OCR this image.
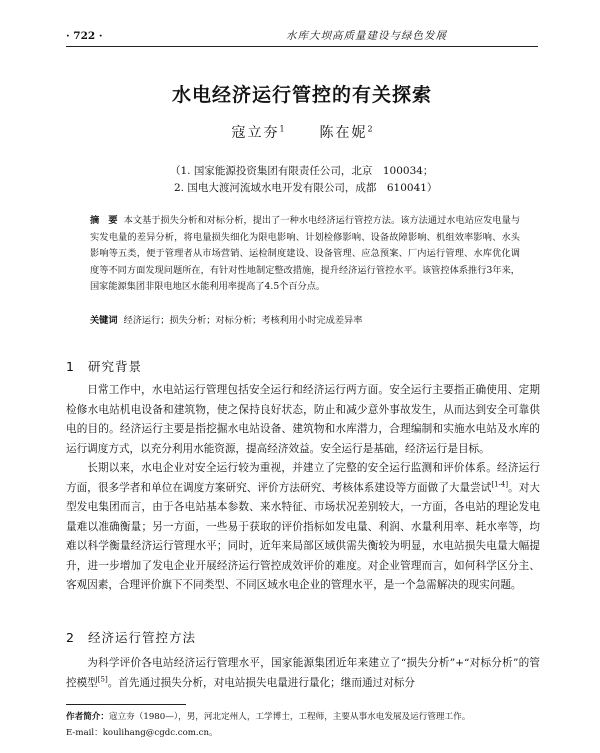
· 722 ·	水库大坝高质量建设与绿色发展
水电经济运行管控的有关探索
寇立夯$^1$ 陈在妮$^2$
（1. 国家能源投资集团有限责任公司，北京　100034；
2. 国电大渡河流域水电开发有限公司，成都　610041）
摘　要 本文基于损失分析和对标分析，提出了一种水电经济运行管控方法。该方法通过水电站应发电量与实发电量的差异分析，将电量损失细化为限电影响、计划检修影响、设备故障影响、机组效率影响、水头影响等五类，便于管理者从市场营销、运检制度建设、设备管理、应急预案、厂内运行管理、水库优化调度等不同方面发现问题所在，有针对性地制定整改措施，提升经济运行管控水平。该管控体系推行3年来，国家能源集团非限电地区水能利用率提高了4.5个百分点。
关键词 经济运行；损失分析；对标分析；考核利用小时完成差异率
1 研究背景

日常工作中，水电站运行管理包括安全运行和经济运行两方面。安全运行主要指正确使用、定期检修水电站机电设备和建筑物，使之保持良好状态，防止和减少意外事故发生，从而达到安全可靠供电的目的。经济运行主要是指挖掘水电站设备、建筑物和水库潜力，合理编制和实施水电站及水库的运行调度方式，以充分利用水能资源，提高经济效益。安全运行是基础，经济运行是目标。

长期以来，水电企业对安全运行较为重视，并建立了完整的安全运行监测和评价体系。经济运行方面，很多学者和单位在调度方案研究、评价方法研究、考核体系建设等方面做了大量尝试[1-4]。对大型发电集团而言，由于各电站基本参数、来水特征、市场状况差别较大，一方面，各电站的理论发电量难以准确衡量；另一方面，一些易于获取的评价指标如发电量、利润、水量利用率、耗水率等，均难以科学衡量经济运行管理水平；同时，近年来局部区域供需失衡较为明显，水电站损失电量大幅提升，进一步增加了发电企业开展经济运行管控成效评价的难度。对企业管理而言，如何科学区分主、客观因素，合理评价旗下不同类型、不同区域水电企业的管理水平，是一个急需解决的现实问题。

2 经济运行管控方法

为科学评价各电站经济运行管理水平，国家能源集团近年来建立了“损失分析”+“对标分析”的管控模型[5]。首先通过损失分析，对电站损失电量进行量化；继而通过对标分

作者简介：寇立夯（1980—），男，河北定州人，工学博士，工程师，主要从事水电发展及运行管理工作。
E-mail：koulihang@cgdc.com.cn。
